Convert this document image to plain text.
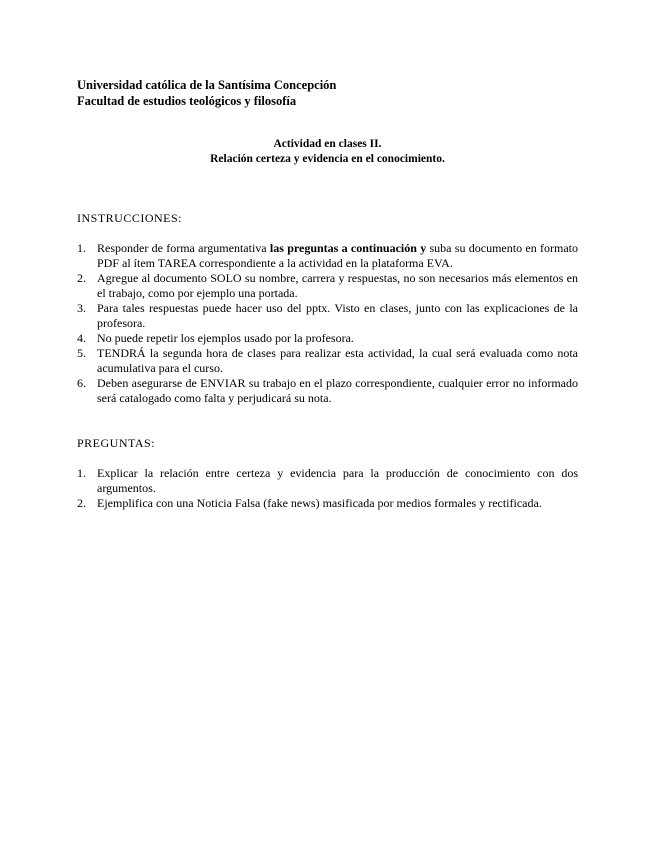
Universidad católica de la Santísima Concepción
Facultad de estudios teológicos y filosofía
Actividad en clases II.
Relación certeza y evidencia en el conocimiento.
INSTRUCCIONES:
1. Responder de forma argumentativa las preguntas a continuación y suba su documento en formato PDF al ítem TAREA correspondiente a la actividad en la plataforma EVA.
2. Agregue al documento SOLO su nombre, carrera y respuestas, no son necesarios más elementos en el trabajo, como por ejemplo una portada.
3. Para tales respuestas puede hacer uso del pptx. Visto en clases, junto con las explicaciones de la profesora.
4. No puede repetir los ejemplos usado por la profesora.
5. TENDRÁ la segunda hora de clases para realizar esta actividad, la cual será evaluada como nota acumulativa para el curso.
6. Deben asegurarse de ENVIAR su trabajo en el plazo correspondiente, cualquier error no informado será catalogado como falta y perjudicará su nota.
PREGUNTAS:
1. Explicar la relación entre certeza y evidencia para la producción de conocimiento con dos argumentos.
2. Ejemplifica con una Noticia Falsa (fake news) masificada por medios formales y rectificada.
